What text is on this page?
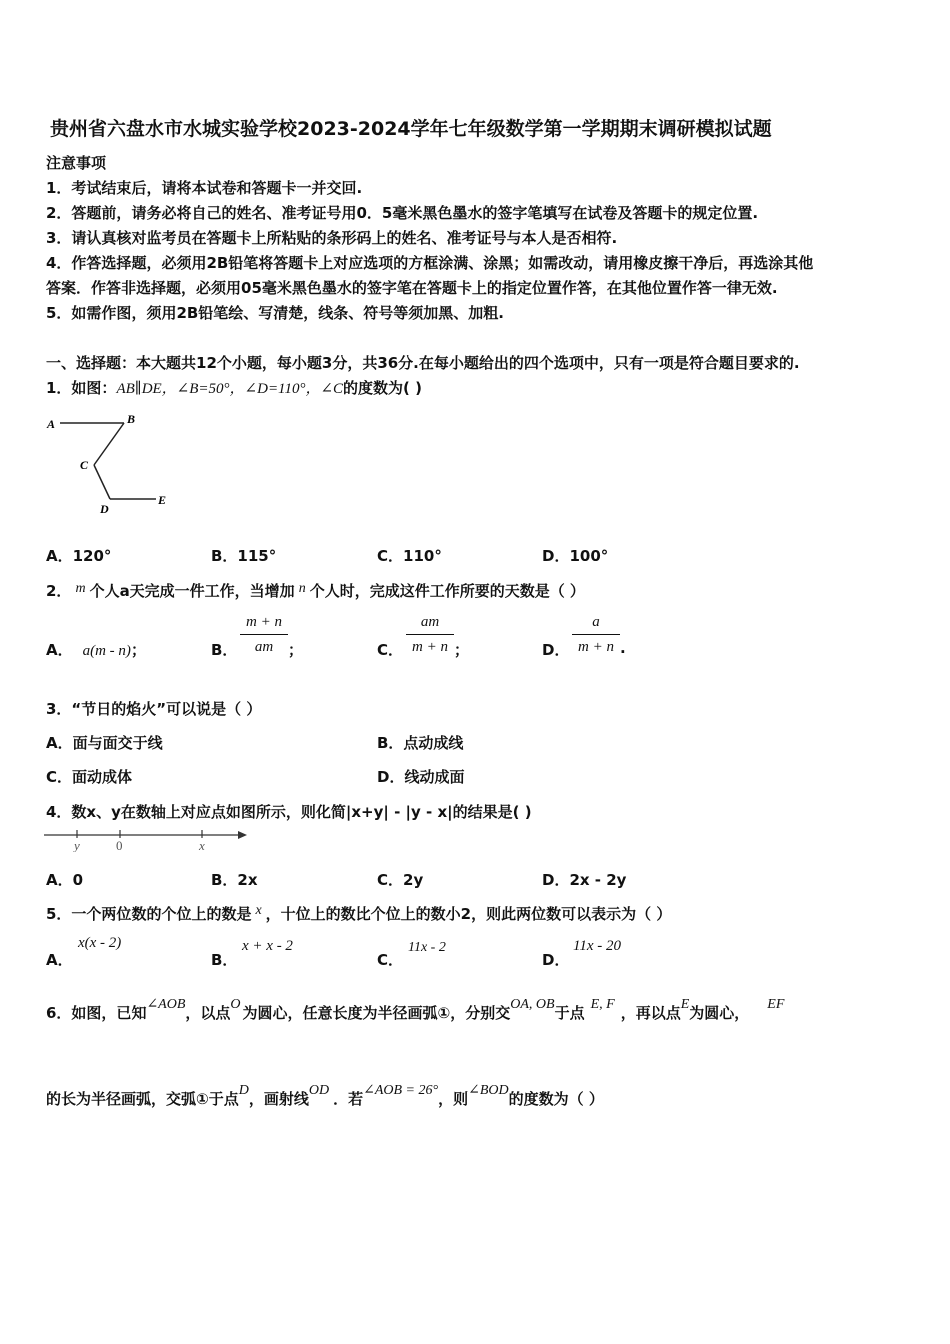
贵州省六盘水市水城实验学校2023-2024学年七年级数学第一学期期末调研模拟试题
注意事项
1．考试结束后，请将本试卷和答题卡一并交回.
2．答题前，请务必将自己的姓名、准考证号用0．5毫米黑色墨水的签字笔填写在试卷及答题卡的规定位置.
3．请认真核对监考员在答题卡上所粘贴的条形码上的姓名、准考证号与本人是否相符.
4．作答选择题，必须用2B铅笔将答题卡上对应选项的方框涂满、涂黑；如需改动，请用橡皮擦干净后，再选涂其他
答案．作答非选择题，必须用05毫米黑色墨水的签字笔在答题卡上的指定位置作答，在其他位置作答一律无效.
5．如需作图，须用2B铅笔绘、写清楚，线条、符号等须加黑、加粗.
一、选择题：本大题共12个小题，每小题3分，共36分.在每小题给出的四个选项中，只有一项是符合题目要求的.
1．如图：AB∥DE，∠B=50°，∠D=110°，∠C的度数为( )
A	B
C
D
E
A．120°	B．115°	C．110°	D．100°
2． m 个人a天完成一件工作，当增加 n 个人时，完成这件工作所要的天数是（ ）
A． a(m - n)；	B． $\frac{m + n}{am}$ ；	C． $\frac{am}{m + n}$ ；	D． $\frac{a}{m + n}$ .
3．“节日的焰火”可以说是（ ）
A．面与面交于线	B．点动成线
C．面动成体	D．线动成面
4．数x、y在数轴上对应点如图所示，则化简|x+y| - |y - x|的结果是( )
y	0	x
A．0	B．2x	C．2y	D．2x - 2y
5．一个两位数的个位上的数是 x ，十位上的数比个位上的数小2，则此两位数可以表示为（ ）
A．
x(x - 2)
B．
x + x - 2
C．
11x - 2
D．
11x - 20
6．如图，已知∠AOB，以点O 为圆心，任意长度为半径画弧①，分别交OA, OB于点 E, F ，再以点E为圆心， EF
的长为半径画弧，交弧①于点D，画射线OD ．若∠AOB = 26°，则∠BOD的度数为（ ）
